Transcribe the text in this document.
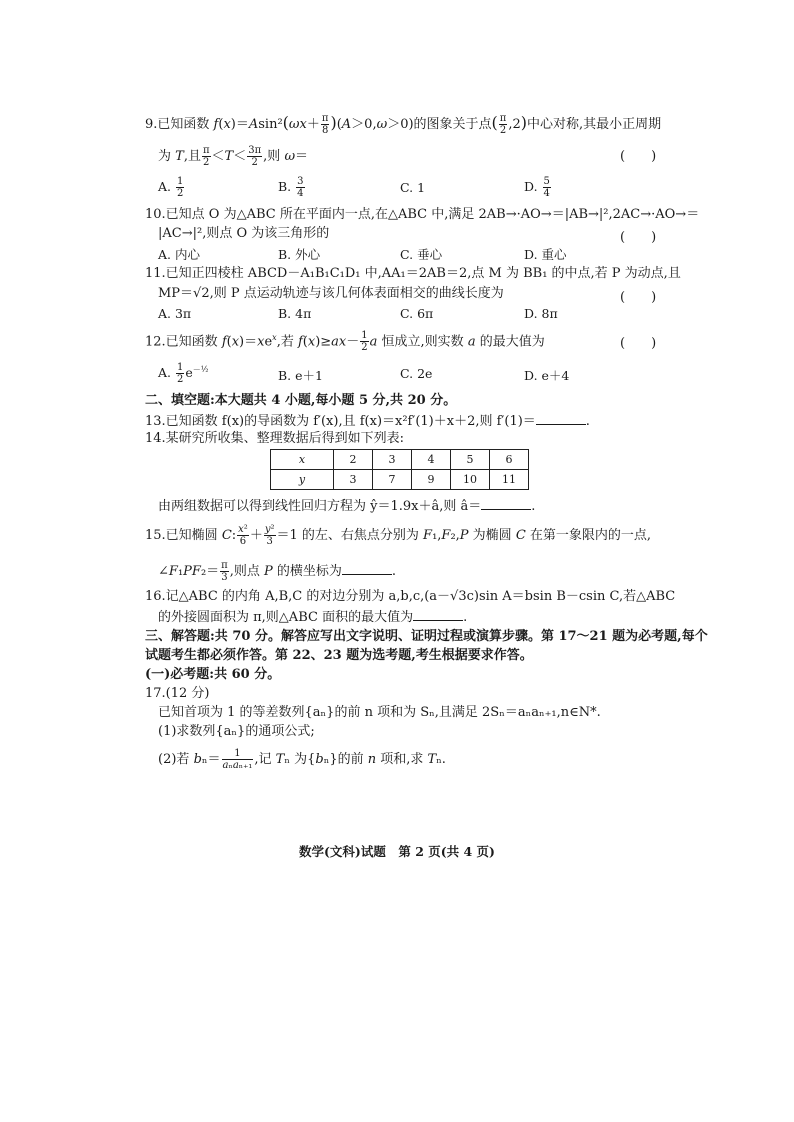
9.已知函数 $f(x)=Asin^2(\omega x+ \frac{\pi}{8} )(A>0,\omega>0)$的图象关于点( $\frac{\pi}{2} ,2$)中心对称,其最小正周期
为 T,且 $\frac{\pi}{2} <T< \frac{3\pi}{2}$ ,则 ω＝	(　　)
A. $\frac{1}{2}$	B. $\frac{3}{4}$	C. 1	D. $\frac{5}{4}$
10.已知点 O 为△ABC 所在平面内一点,在△ABC 中,满足 2AB→·AO→＝|AB→|²,2AC→·AO→＝
|AC→|²,则点 O 为该三角形的	(　　)
A. 内心	B. 外心	C. 垂心	D. 重心
11.已知正四棱柱 ABCD－A₁B₁C₁D₁ 中,AA₁＝2AB＝2,点 M 为 BB₁ 的中点,若 P 为动点,且
MP＝√2,则 P 点运动轨迹与该几何体表面相交的曲线长度为	(　　)
A. 3π	B. 4π	C. 6π	D. 8π
12.已知函数 $f(x)=xe^x$,若 $f(x)\ge ax- \frac{1}{2}$ a 恒成立,则实数 a 的最大值为	(　　)
A. $\frac{1}{2} e^{-\frac{1}{2}}$	B. e＋1	C. 2e	D. e＋4
二、填空题:本大题共 4 小题,每小题 5 分,共 20 分。
13.已知函数 f(x)的导函数为 f′(x),且 f(x)＝x²f′(1)＋x＋2,则 f′(1)＝	.
14.某研究所收集、整理数据后得到如下列表:
x	2	3	4	5	6
y	3	7	9	10	11
由两组数据可以得到线性回归方程为 ŷ＝1.9x＋â,则 â＝	.
15.已知椭圆 C: $\frac{\text{x²}}{6} + \frac{\text{y²}}{3} =1$ 的左、右焦点分别为 F₁,F₂,P 为椭圆 C 在第一象限内的一点,
∠F₁PF₂＝ $\frac{\pi}{3}$ ,则点 P 的横坐标为	.
16.记△ABC 的内角 A,B,C 的对边分别为 a,b,c,(a－√3c)sin A＝bsin B－csin C,若△ABC
的外接圆面积为 π,则△ABC 面积的最大值为	.
三、解答题:共 70 分。解答应写出文字说明、证明过程或演算步骤。第 17～21 题为必考题,每个
试题考生都必须作答。第 22、23 题为选考题,考生根据要求作答。
(一)必考题:共 60 分。
17.(12 分)
已知首项为 1 的等差数列{aₙ}的前 n 项和为 Sₙ,且满足 2Sₙ＝aₙaₙ₊₁,n∈N*.
(1)求数列{aₙ}的通项公式;
(2)若 $b_n= \frac{1}{\text{aₙaₙ₊₁}}$ ,记 Tₙ 为{bₙ}的前 n 项和,求 Tₙ.
数学(文科)试题　第 2 页(共 4 页)
